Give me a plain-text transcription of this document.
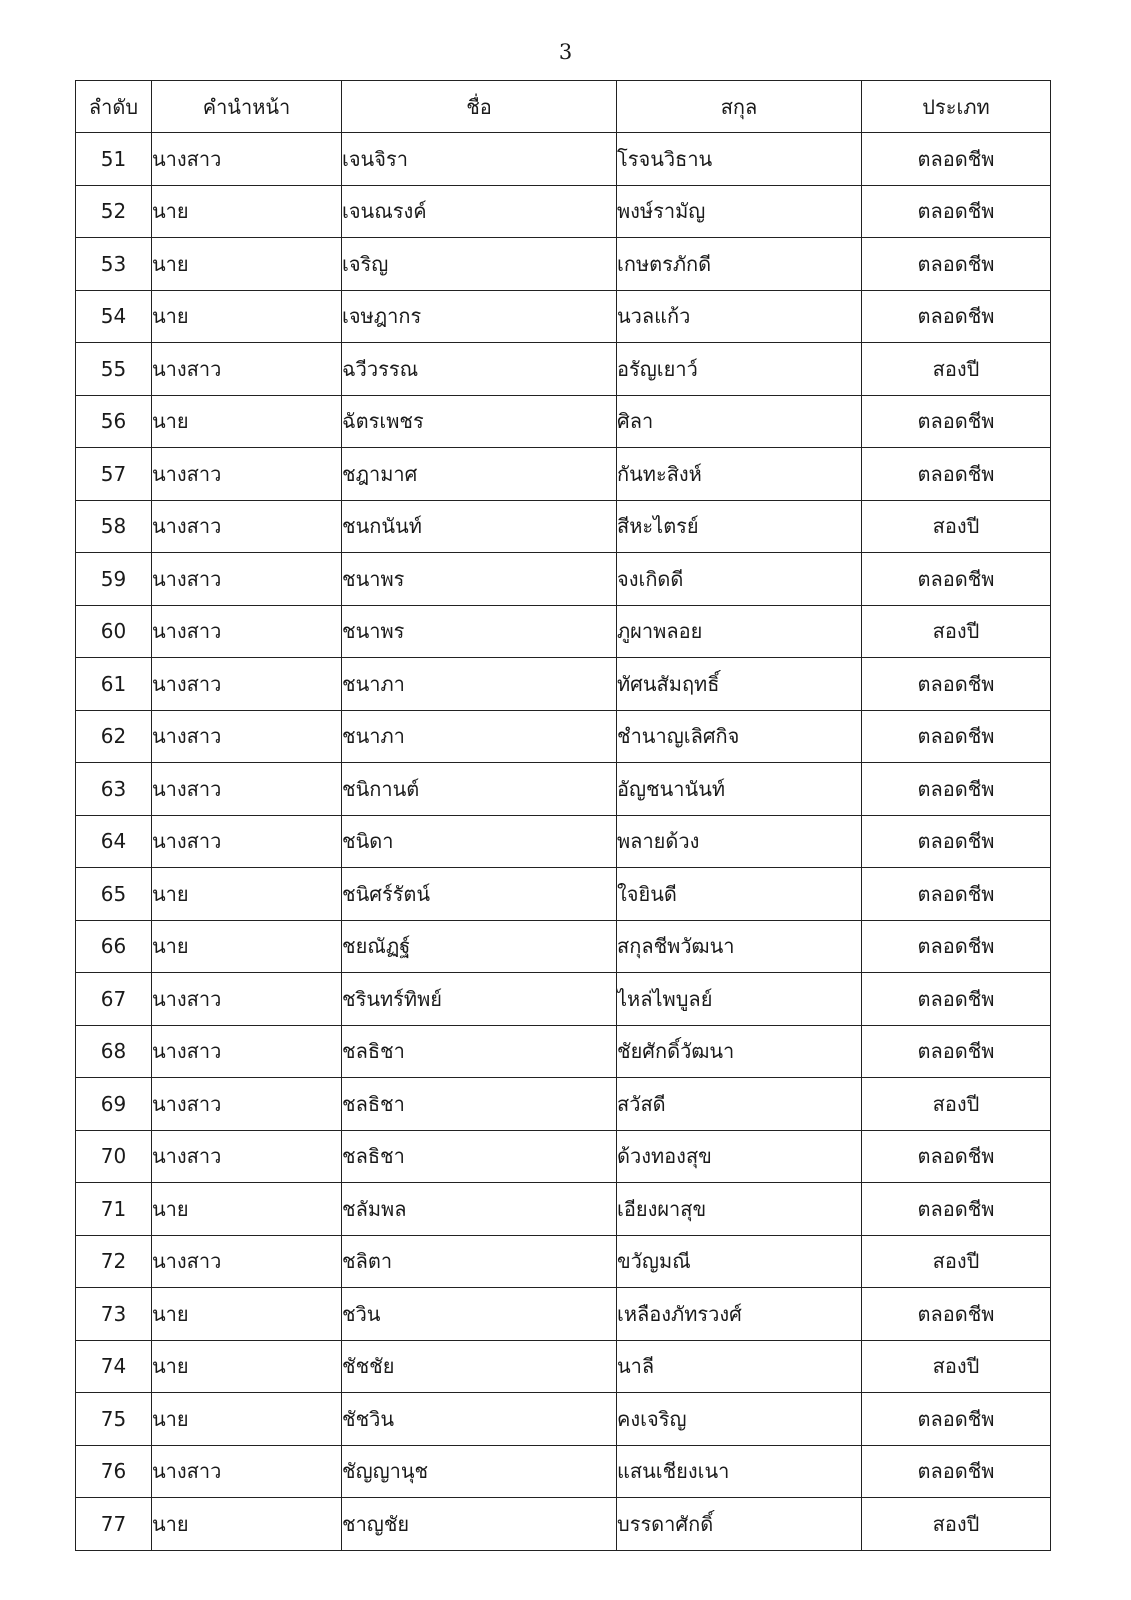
3
ลำดับ	คำนำหน้า	ชื่อ	สกุล	ประเภท
51	นางสาว	เจนจิรา	โรจนวิธาน	ตลอดชีพ
52	นาย	เจนณรงค์	พงษ์รามัญ	ตลอดชีพ
53	นาย	เจริญ	เกษตรภักดี	ตลอดชีพ
54	นาย	เจษฎากร	นวลแก้ว	ตลอดชีพ
55	นางสาว	ฉวีวรรณ	อรัญเยาว์	สองปี
56	นาย	ฉัตรเพชร	ศิลา	ตลอดชีพ
57	นางสาว	ชฎามาศ	กันทะสิงห์	ตลอดชีพ
58	นางสาว	ชนกนันท์	สีหะไตรย์	สองปี
59	นางสาว	ชนาพร	จงเกิดดี	ตลอดชีพ
60	นางสาว	ชนาพร	ภูผาพลอย	สองปี
61	นางสาว	ชนาภา	ทัศนสัมฤทธิ์	ตลอดชีพ
62	นางสาว	ชนาภา	ชำนาญเลิศกิจ	ตลอดชีพ
63	นางสาว	ชนิกานต์	อัญชนานันท์	ตลอดชีพ
64	นางสาว	ชนิดา	พลายด้วง	ตลอดชีพ
65	นาย	ชนิศร์รัตน์	ใจยินดี	ตลอดชีพ
66	นาย	ชยณัฏฐ์	สกุลชีพวัฒนา	ตลอดชีพ
67	นางสาว	ชรินทร์ทิพย์	ไหล่ไพบูลย์	ตลอดชีพ
68	นางสาว	ชลธิชา	ชัยศักดิ์วัฒนา	ตลอดชีพ
69	นางสาว	ชลธิชา	สวัสดี	สองปี
70	นางสาว	ชลธิชา	ด้วงทองสุข	ตลอดชีพ
71	นาย	ชลัมพล	เอียงผาสุข	ตลอดชีพ
72	นางสาว	ชลิตา	ขวัญมณี	สองปี
73	นาย	ชวิน	เหลืองภัทรวงศ์	ตลอดชีพ
74	นาย	ชัชชัย	นาลี	สองปี
75	นาย	ชัชวิน	คงเจริญ	ตลอดชีพ
76	นางสาว	ชัญญานุช	แสนเชียงเนา	ตลอดชีพ
77	นาย	ชาญชัย	บรรดาศักดิ์	สองปี
